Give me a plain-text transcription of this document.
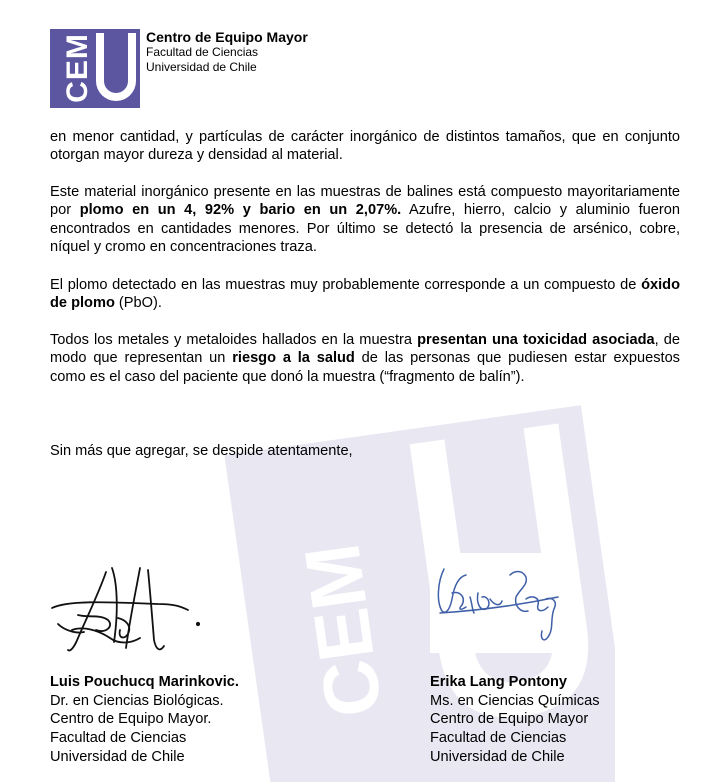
CEM
CEM	Centro de Equipo Mayor
Facultad de Ciencias
Universidad de Chile
en menor cantidad, y partículas de carácter inorgánico de distintos tamaños, que en conjunto otorgan mayor dureza y densidad al material.
Este material inorgánico presente en las muestras de balines está compuesto mayoritariamente por plomo en un 4, 92% y bario en un 2,07%. Azufre, hierro, calcio y aluminio fueron encontrados en cantidades menores. Por último se detectó la presencia de arsénico, cobre, níquel y cromo en concentraciones traza.
El plomo detectado en las muestras muy probablemente corresponde a un compuesto de óxido de plomo (PbO).
Todos los metales y metaloides hallados en la muestra presentan una toxicidad asociada, de modo que representan un riesgo a la salud de las personas que pudiesen estar expuestos como es el caso del paciente que donó la muestra (“fragmento de balín”).
Sin más que agregar, se despide atentamente,
Luis Pouchucq Marinkovic.
Dr. en Ciencias Biológicas.
Centro de Equipo Mayor.
Facultad de Ciencias
Universidad de Chile
Erika Lang Pontony
Ms. en Ciencias Químicas
Centro de Equipo Mayor
Facultad de Ciencias
Universidad de Chile
